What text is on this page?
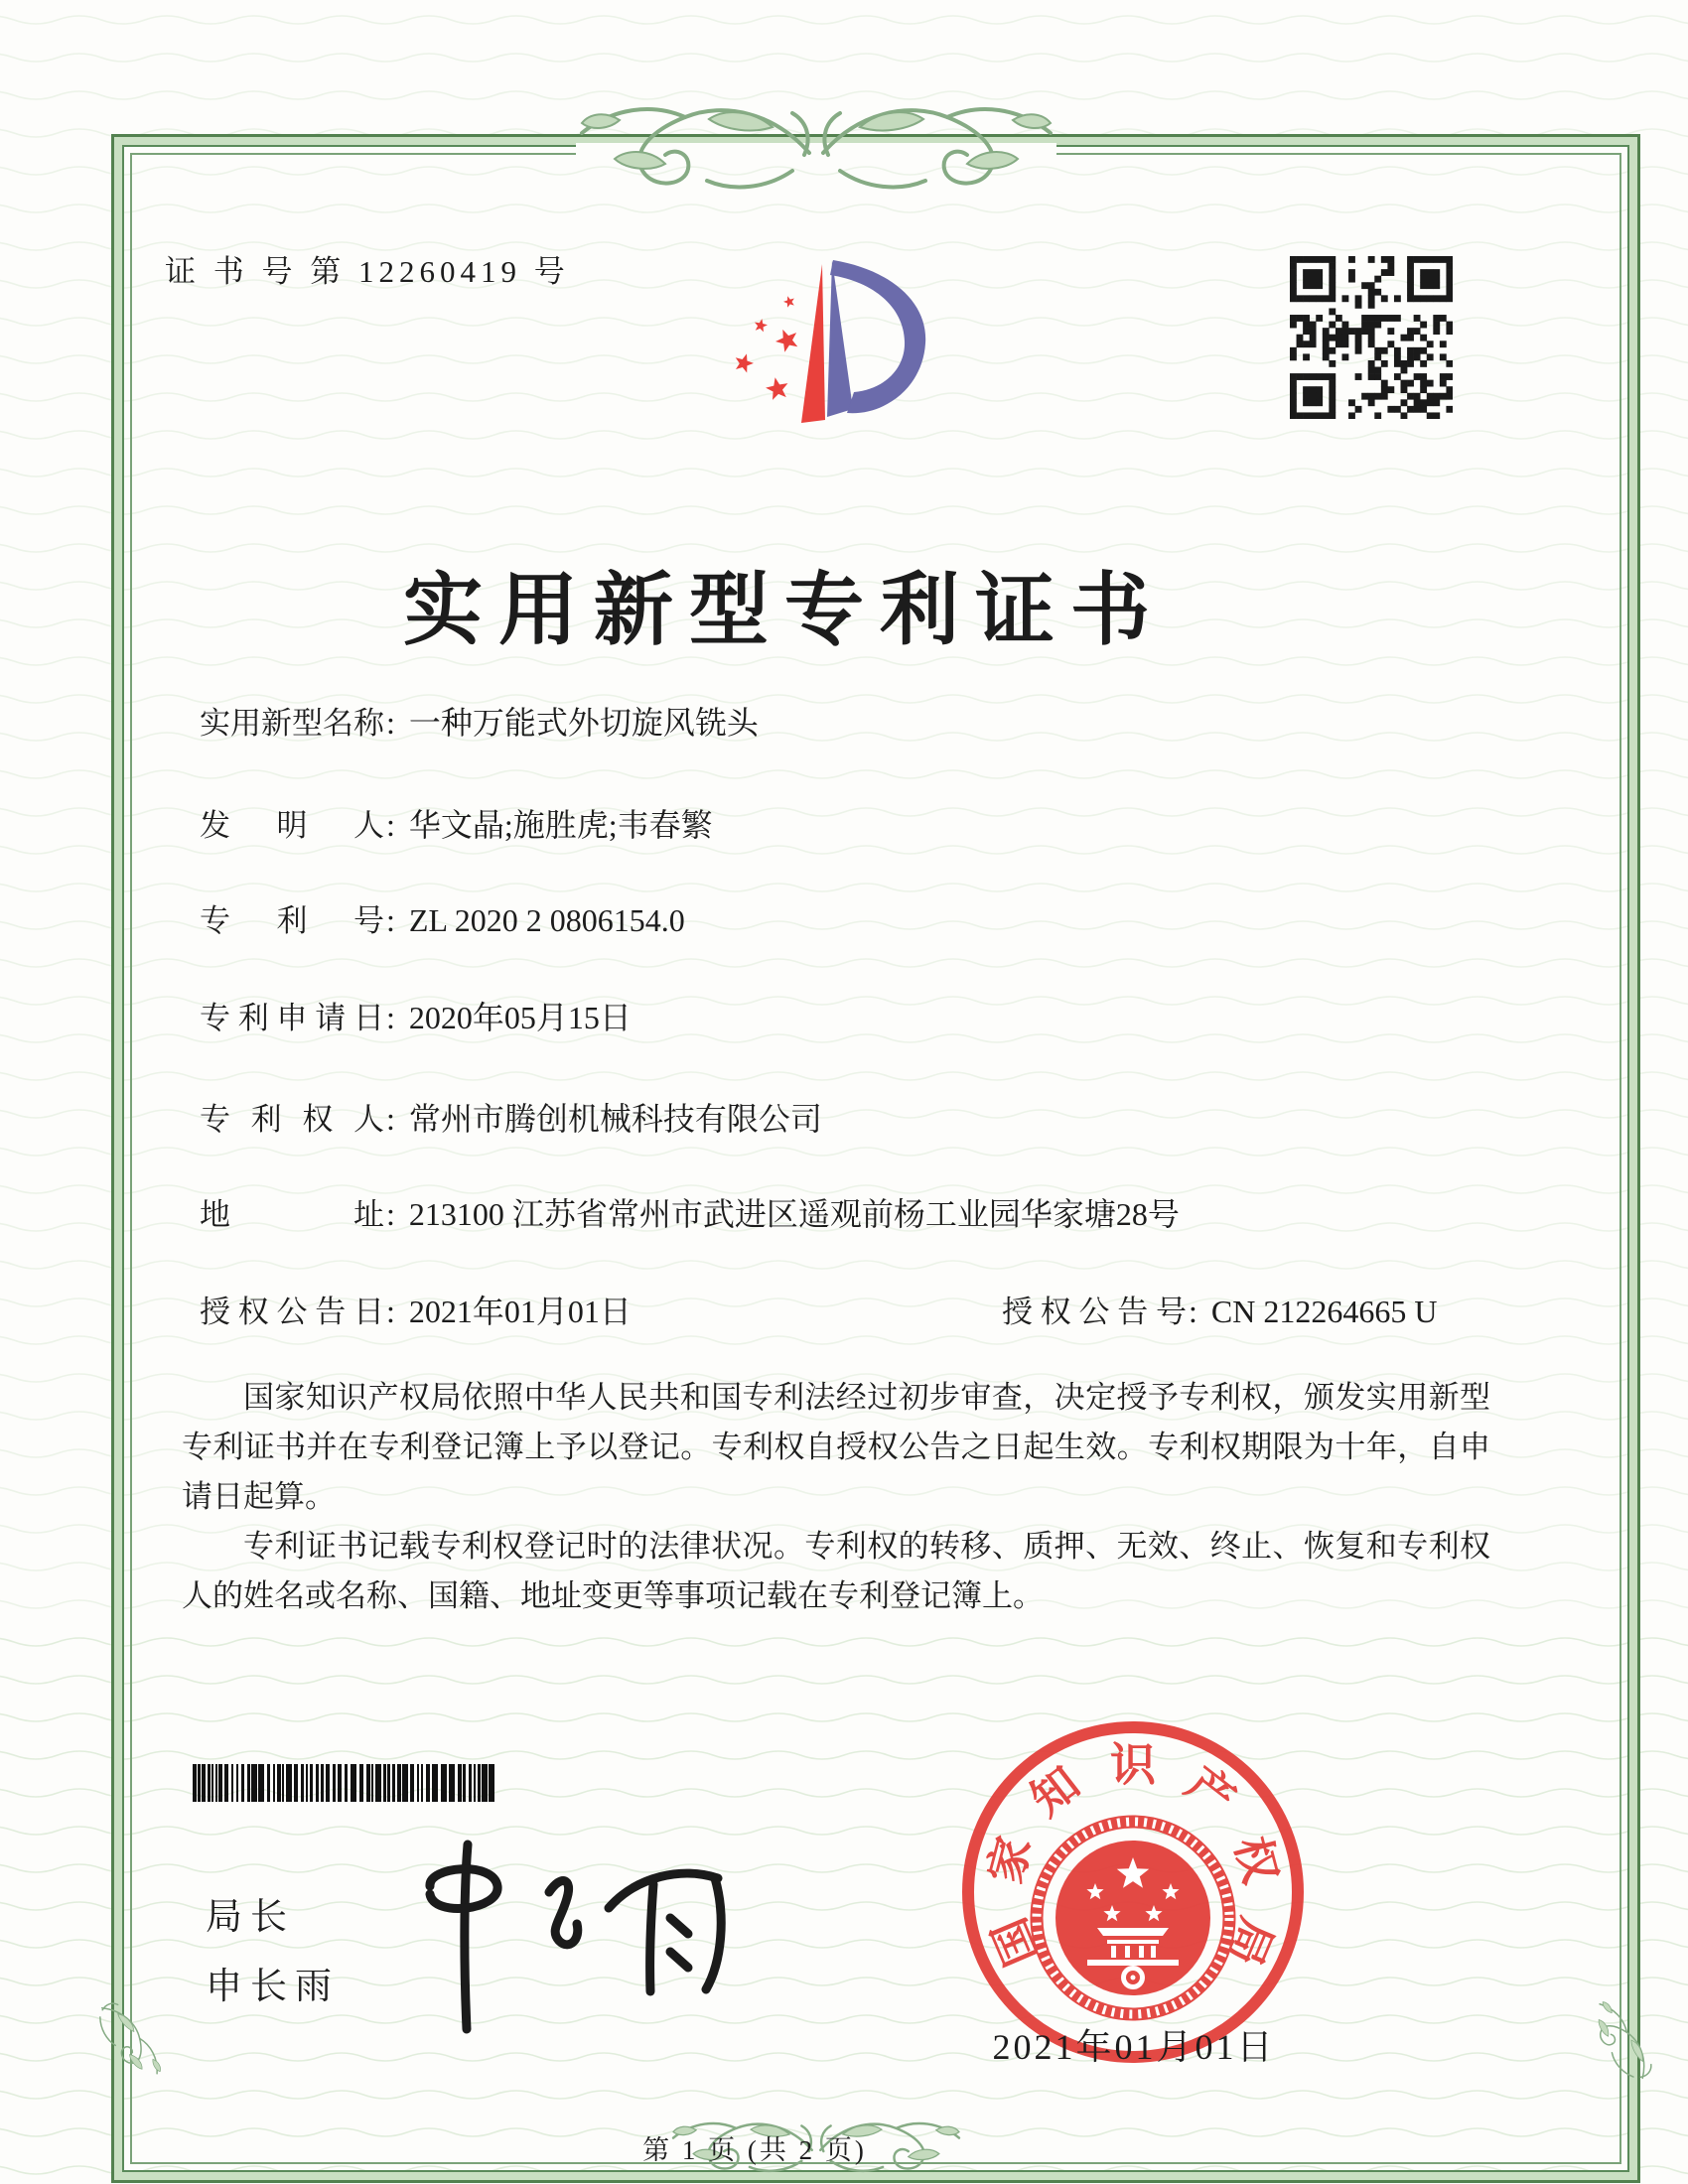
证 书 号 第 12260419 号
实用新型专利证书
实用新型名称: 一种万能式外切旋风铣头
发明人: 华文晶;施胜虎;韦春繁
专利号: ZL 2020 2 0806154.0
专利申请日: 2020年05月15日
专利权人: 常州市腾创机械科技有限公司
地址: 213100 江苏省常州市武进区遥观前杨工业园华家塘28号
授权公告日: 2021年01月01日	授权公告号: CN 212264665 U

国家知识产权局依照中华人民共和国专利法经过初步审查，决定授予专利权，颁发实用新型专利证书并在专利登记簿上予以登记。专利权自授权公告之日起生效。专利权期限为十年，自申请日起算。

专利证书记载专利权登记时的法律状况。专利权的转移、质押、无效、终止、恢复和专利权人的姓名或名称、国籍、地址变更等事项记载在专利登记簿上。

局长
申长雨
国
家
知 识 产
权
局
2021年01月01日
第 1 页 (共 2 页)
